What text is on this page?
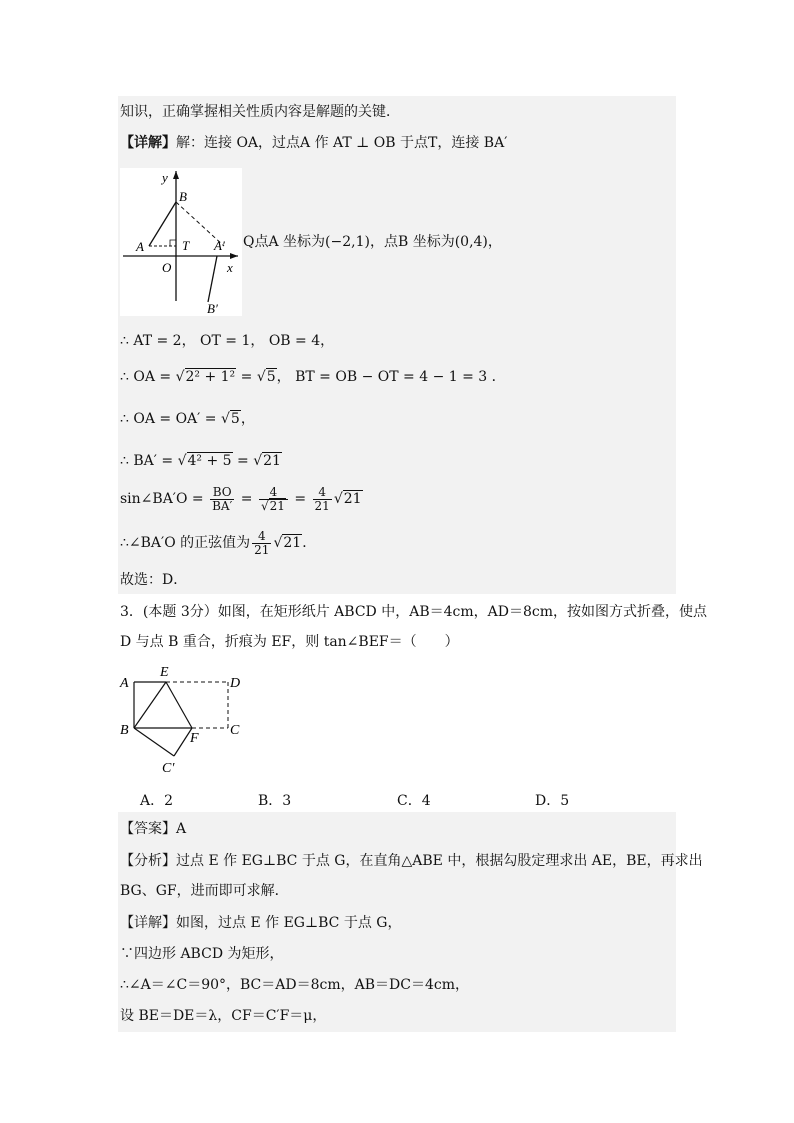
知识，正确掌握相关性质内容是解题的关键．
【详解】解：连接 OA，过点A 作 AT ⊥ OB 于点T，连接 BA′
y
B
A	T A′
O	x
B′
Q点A 坐标为(−2,1)，点B 坐标为(0,4)，
∴ AT = 2， OT = 1， OB = 4，
∴ OA = √2² + 1² = √5， BT = OB − OT = 4 − 1 = 3 ．
∴ OA = OA′ = √5，
∴ BA′ = √4² + 5 = √21
sin∠BA′O = $\frac{BO}{BA'} = \frac{4}{√21} = \frac{4}{21} √21$
∴∠BA′O 的正弦值为 $\frac{4}{21} √21$．
故选：D．
3．(本题 3分）如图，在矩形纸片 ABCD 中，AB＝4cm，AD＝8cm，按如图方式折叠，使点
D 与点 B 重合，折痕为 EF，则 tan∠BEF＝（　　）
A
E
D
B
F
C
C′
A．2	B．3	C．4	D．5
【答案】A
【分析】过点 E 作 EG⊥BC 于点 G，在直角△ABE 中，根据勾股定理求出 AE，BE，再求出
BG、GF，进而即可求解．
【详解】如图，过点 E 作 EG⊥BC 于点 G，
∵四边形 ABCD 为矩形，
∴∠A＝∠C＝90°，BC＝AD＝8cm，AB＝DC＝4cm，
设 BE＝DE＝λ，CF＝C′F＝μ，
